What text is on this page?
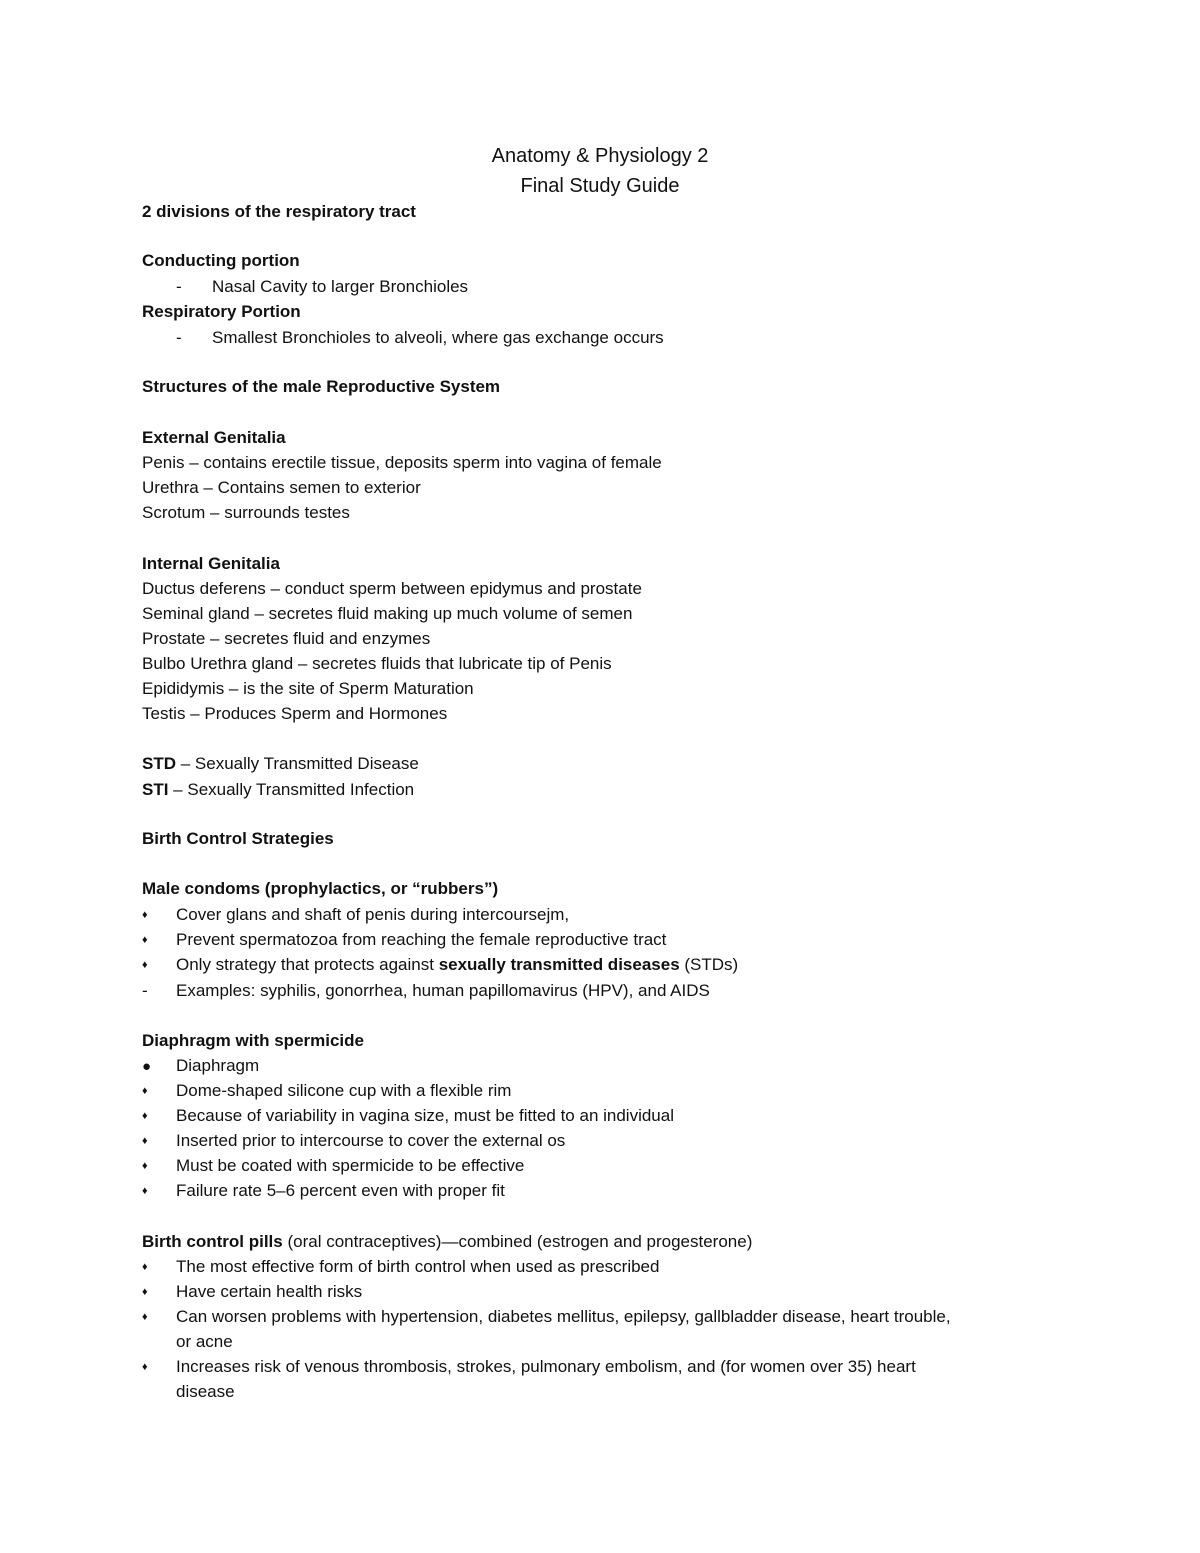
Anatomy & Physiology 2
Final Study Guide
2 divisions of the respiratory tract
Conducting portion
-	Nasal Cavity to larger Bronchioles
Respiratory Portion
-	Smallest Bronchioles to alveoli, where gas exchange occurs
Structures of the male Reproductive System
External Genitalia
Penis – contains erectile tissue, deposits sperm into vagina of female
Urethra – Contains semen to exterior
Scrotum – surrounds testes
Internal Genitalia
Ductus deferens – conduct sperm between epidymus and prostate
Seminal gland – secretes fluid making up much volume of semen
Prostate – secretes fluid and enzymes
Bulbo Urethra gland – secretes fluids that lubricate tip of Penis
Epididymis – is the site of Sperm Maturation
Testis – Produces Sperm and Hormones
STD – Sexually Transmitted Disease
STI – Sexually Transmitted Infection
Birth Control Strategies
Male condoms (prophylactics, or “rubbers”)
♦	Cover glans and shaft of penis during intercoursejm,
♦	Prevent spermatozoa from reaching the female reproductive tract
♦	Only strategy that protects against sexually transmitted diseases (STDs)
-	Examples: syphilis, gonorrhea, human papillomavirus (HPV), and AIDS
Diaphragm with spermicide
●	Diaphragm
♦	Dome-shaped silicone cup with a flexible rim
♦	Because of variability in vagina size, must be fitted to an individual
♦	Inserted prior to intercourse to cover the external os
♦	Must be coated with spermicide to be effective
♦	Failure rate 5–6 percent even with proper fit
Birth control pills (oral contraceptives)—combined (estrogen and progesterone)
♦	The most effective form of birth control when used as prescribed
♦	Have certain health risks
♦	Can worsen problems with hypertension, diabetes mellitus, epilepsy, gallbladder disease, heart trouble,
or acne
♦	Increases risk of venous thrombosis, strokes, pulmonary embolism, and (for women over 35) heart
disease
